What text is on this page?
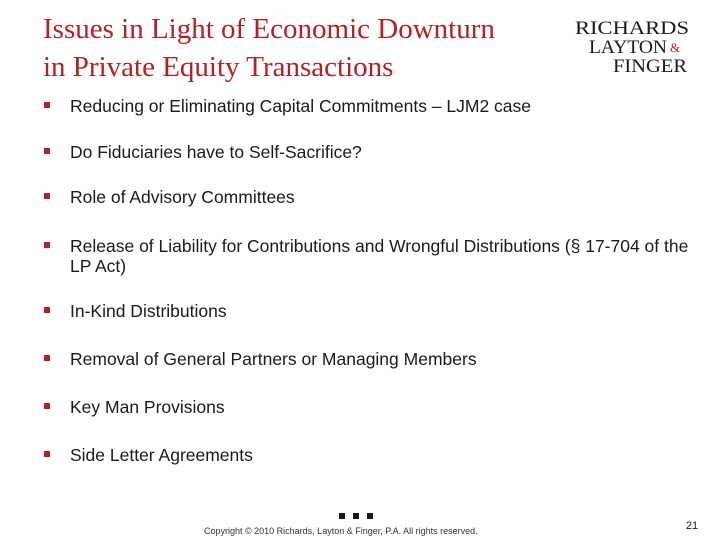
Issues in Light of Economic Downturn
in Private Equity Transactions
RICHARDS
LAYTON &
FINGER
Reducing or Eliminating Capital Commitments – LJM2 case
Do Fiduciaries have to Self-Sacrifice?
Role of Advisory Committees
Release of Liability for Contributions and Wrongful Distributions (§ 17-704 of the LP Act)
In-Kind Distributions
Removal of General Partners or Managing Members
Key Man Provisions
Side Letter Agreements
Copyright © 2010 Richards, Layton & Finger, P.A. All rights reserved.	21
